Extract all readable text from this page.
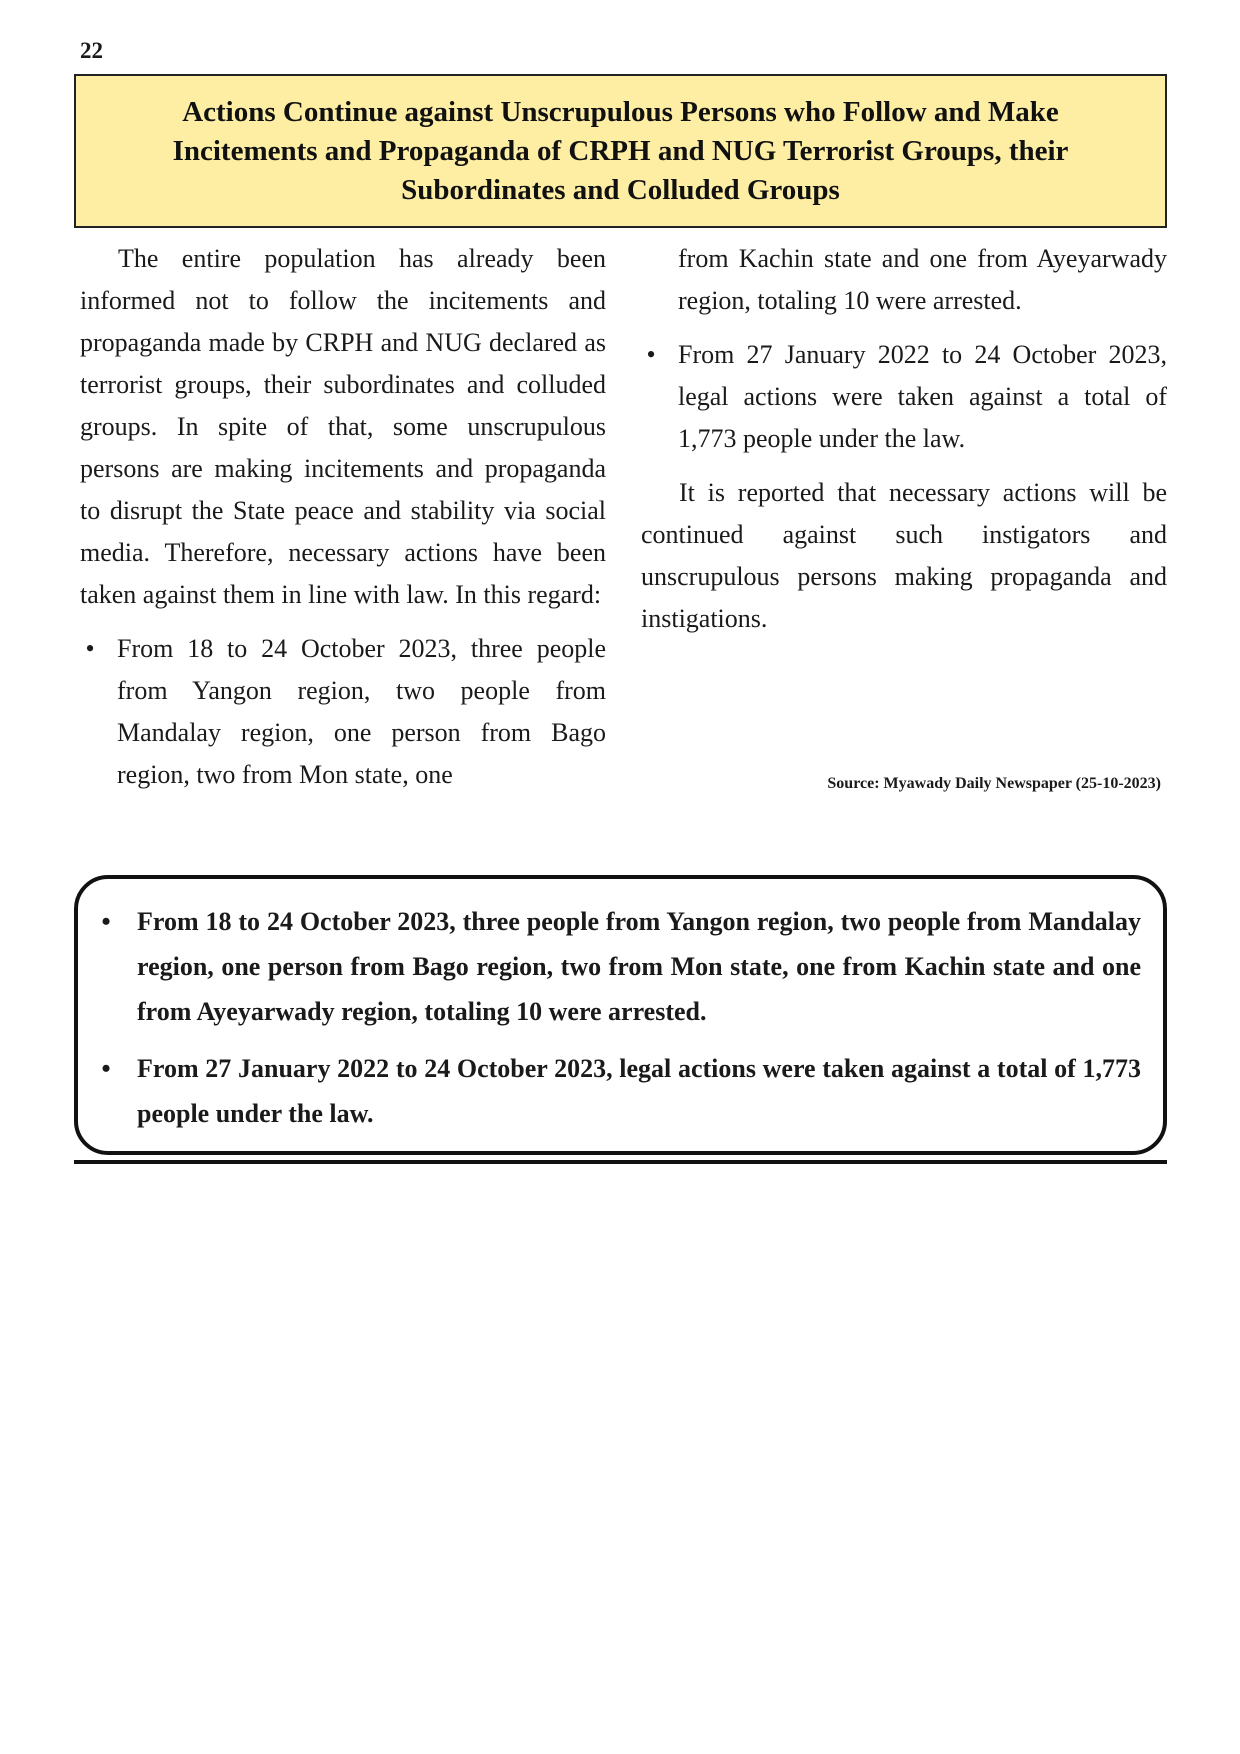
22
Actions Continue against Unscrupulous Persons who Follow and Make
Incitements and Propaganda of CRPH and NUG Terrorist Groups, their
Subordinates and Colluded Groups

The entire population has already been informed not to follow the incitements and propaganda made by CRPH and NUG declared as terrorist groups, their subordinates and colluded groups. In spite of that, some unscrupulous persons are making incitements and propaganda to disrupt the State peace and stability via social media. Therefore, necessary actions have been taken against them in line with law. In this regard:

• From 18 to 24 October 2023, three people from Yangon region, two people from Mandalay region, one person from Bago region, two from Mon state, one
from Kachin state and one from Ayeyarwady region, totaling 10 were arrested.
• From 27 January 2022 to 24 October 2023, legal actions were taken against a total of 1,773 people under the law.

It is reported that necessary actions will be continued against such instigators and unscrupulous persons making propaganda and instigations.

Source: Myawady Daily Newspaper (25-10-2023)
• From 18 to 24 October 2023, three people from Yangon region, two people from Mandalay region, one person from Bago region, two from Mon state, one from Kachin state and one from Ayeyarwady region, totaling 10 were arrested.
• From 27 January 2022 to 24 October 2023, legal actions were taken against a total of 1,773 people under the law.
